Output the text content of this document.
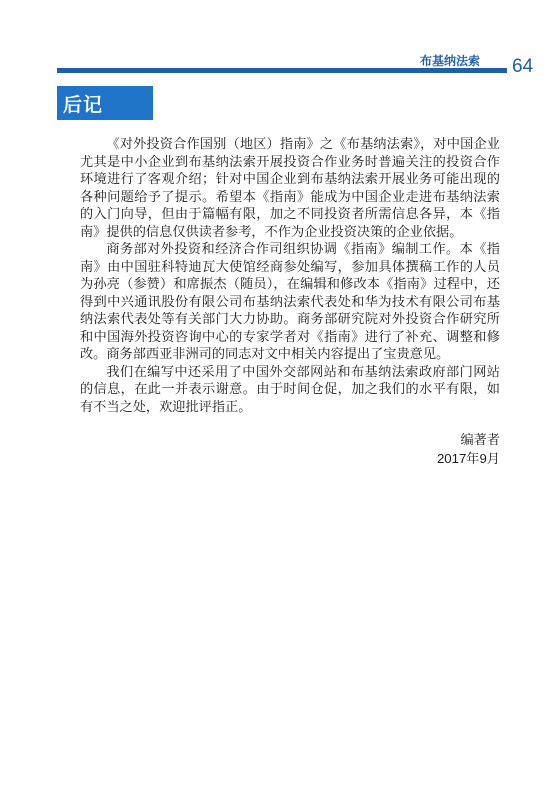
布基纳法索 64
后记

《对外投资合作国别（地区）指南》之《布基纳法索》，对中国企业尤其是中小企业到布基纳法索开展投资合作业务时普遍关注的投资合作环境进行了客观介绍；针对中国企业到布基纳法索开展业务可能出现的各种问题给予了提示。希望本《指南》能成为中国企业走进布基纳法索的入门向导，但由于篇幅有限，加之不同投资者所需信息各异，本《指南》提供的信息仅供读者参考，不作为企业投资决策的企业依据。

商务部对外投资和经济合作司组织协调《指南》编制工作。本《指南》由中国驻科特迪瓦大使馆经商参处编写，参加具体撰稿工作的人员为孙亮（参赞）和席振杰（随员），在编辑和修改本《指南》过程中，还得到中兴通讯股份有限公司布基纳法索代表处和华为技术有限公司布基纳法索代表处等有关部门大力协助。商务部研究院对外投资合作研究所和中国海外投资咨询中心的专家学者对《指南》进行了补充、调整和修改。商务部西亚非洲司的同志对文中相关内容提出了宝贵意见。

我们在编写中还采用了中国外交部网站和布基纳法索政府部门网站的信息，在此一并表示谢意。由于时间仓促，加之我们的水平有限，如有不当之处，欢迎批评指正。

编著者
2017年9月
